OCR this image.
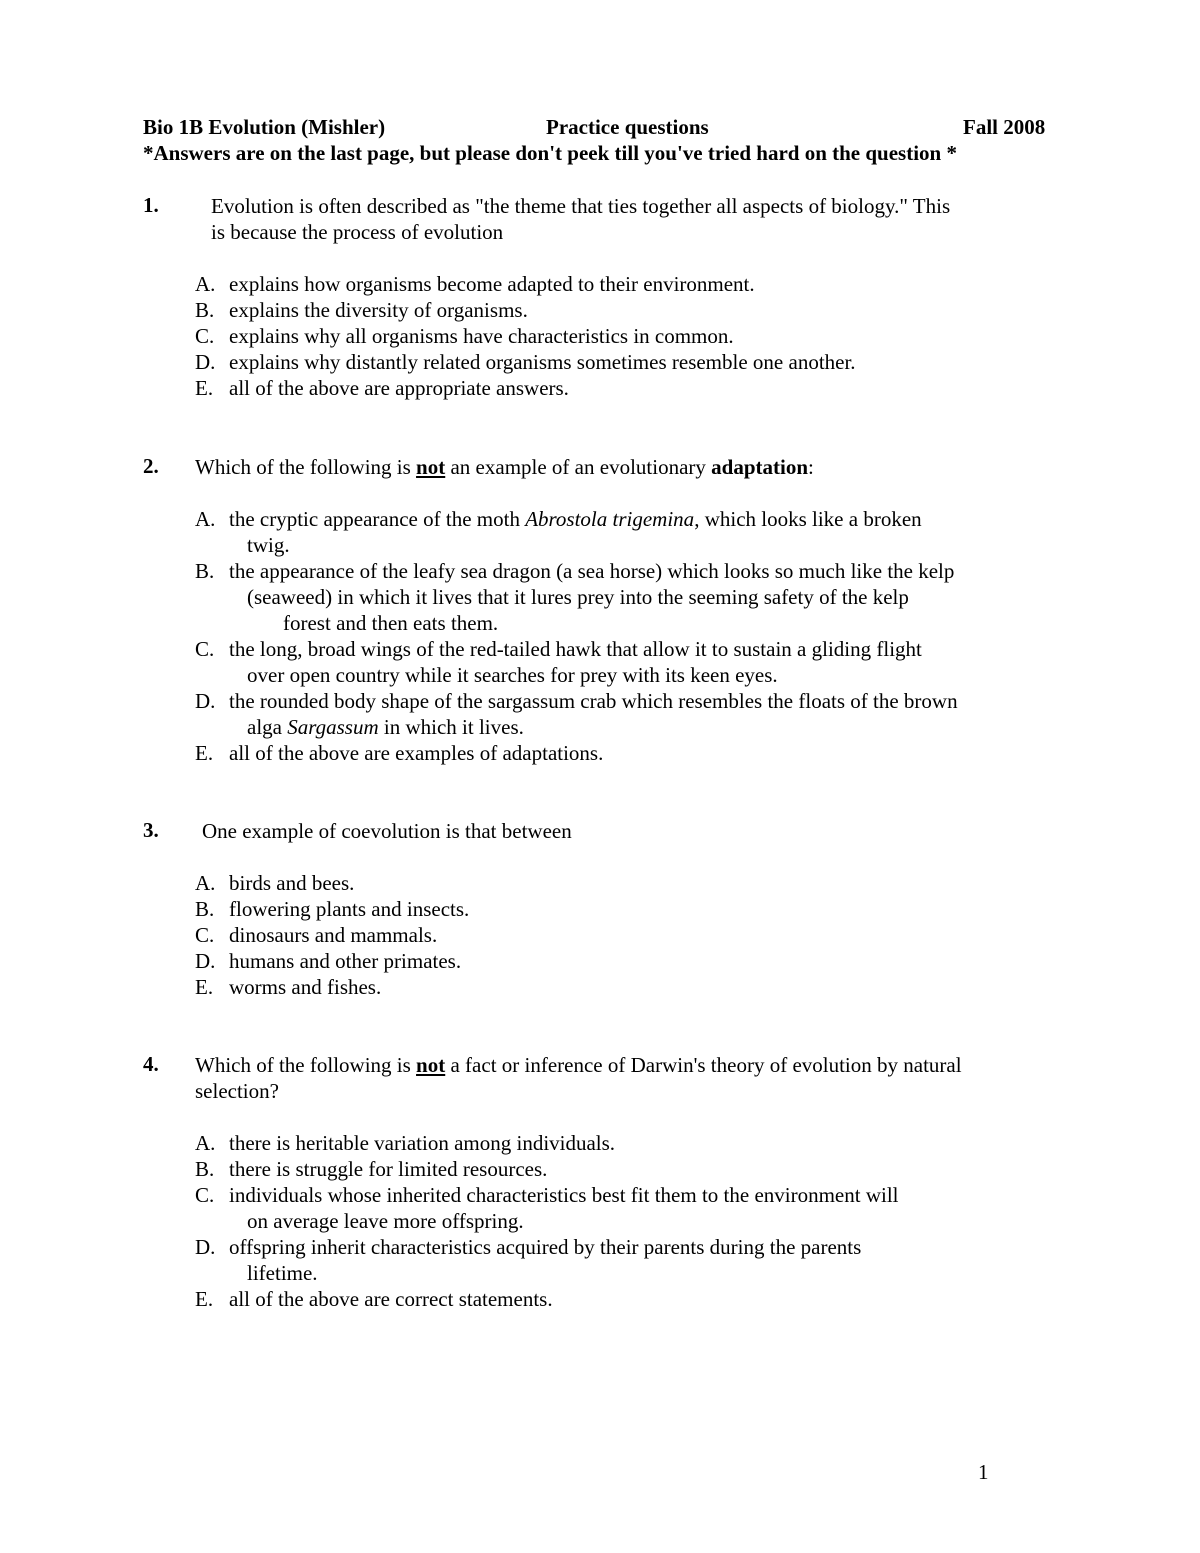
Bio 1B Evolution (Mishler)	Practice questions	Fall 2008
*Answers are on the last page, but please don't peek till you've tried hard on the question *
1. Evolution is often described as "the theme that ties together all aspects of biology." This
is because the process of evolution
A. explains how organisms become adapted to their environment.
B. explains the diversity of organisms.
C. explains why all organisms have characteristics in common.
D. explains why distantly related organisms sometimes resemble one another.
E. all of the above are appropriate answers.
2. Which of the following is not an example of an evolutionary adaptation:
A. the cryptic appearance of the moth Abrostola trigemina, which looks like a broken
twig.
B. the appearance of the leafy sea dragon (a sea horse) which looks so much like the kelp
(seaweed) in which it lives that it lures prey into the seeming safety of the kelp
forest and then eats them.
C. the long, broad wings of the red-tailed hawk that allow it to sustain a gliding flight
over open country while it searches for prey with its keen eyes.
D. the rounded body shape of the sargassum crab which resembles the floats of the brown
alga Sargassum in which it lives.
E. all of the above are examples of adaptations.
3. One example of coevolution is that between
A. birds and bees.
B. flowering plants and insects.
C. dinosaurs and mammals.
D. humans and other primates.
E. worms and fishes.
4. Which of the following is not a fact or inference of Darwin's theory of evolution by natural
selection?
A. there is heritable variation among individuals.
B. there is struggle for limited resources.
C. individuals whose inherited characteristics best fit them to the environment will
on average leave more offspring.
D. offspring inherit characteristics acquired by their parents during the parents
lifetime.
E. all of the above are correct statements.
1
